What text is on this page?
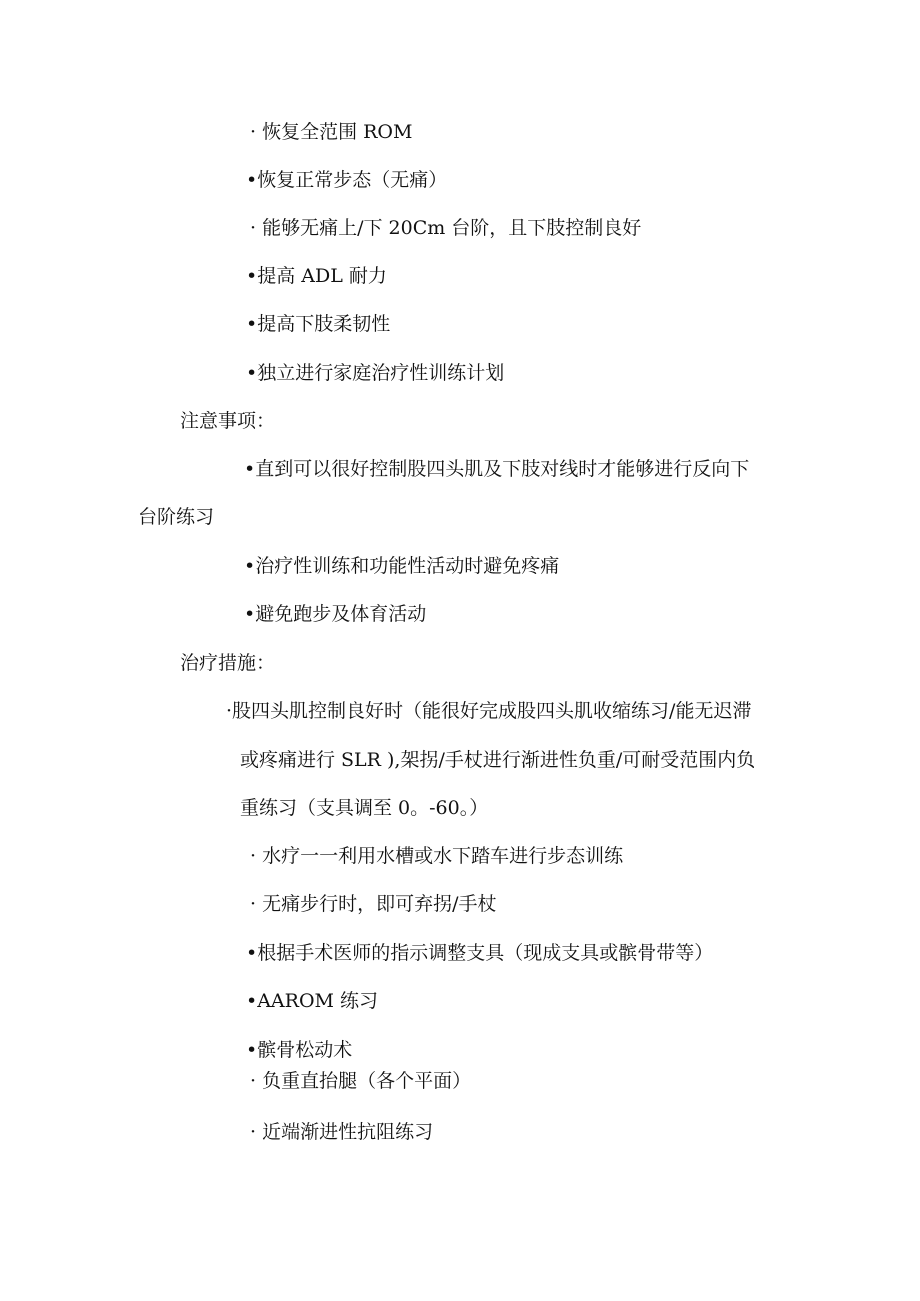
· 恢复全范围 ROM

•恢复正常步态（无痛）

· 能够无痛上/下 20Cm 台阶，且下肢控制良好

•提高 ADL 耐力

•提高下肢柔韧性

•独立进行家庭治疗性训练计划

注意事项：

•直到可以很好控制股四头肌及下肢对线时才能够进行反向下

台阶练习

•治疗性训练和功能性活动时避免疼痛

•避免跑步及体育活动

治疗措施：

·股四头肌控制良好时（能很好完成股四头肌收缩练习/能无迟滞

或疼痛进行 SLR ),架拐/手杖进行渐进性负重/可耐受范围内负

重练习（支具调至 0。-60。）

· 水疗一一利用水槽或水下踏车进行步态训练

· 无痛步行时，即可弃拐/手杖

•根据手术医师的指示调整支具（现成支具或髌骨带等）

•AAROM 练习

•髌骨松动术

· 负重直抬腿（各个平面）

· 近端渐进性抗阻练习
